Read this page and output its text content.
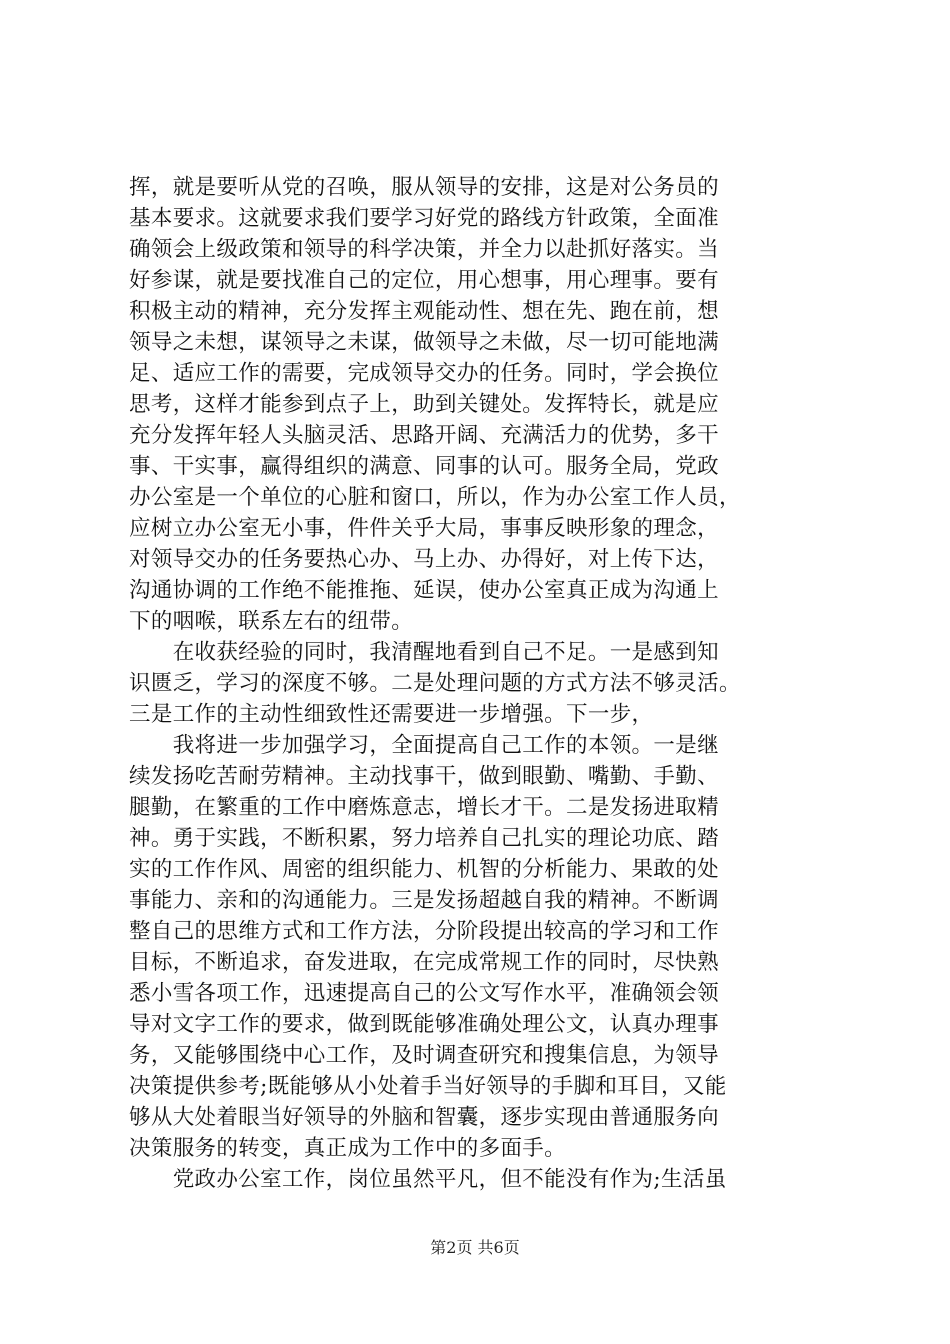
挥，就是要听从党的召唤，服从领导的安排，这是对公务员的
基本要求。这就要求我们要学习好党的路线方针政策，全面准
确领会上级政策和领导的科学决策，并全力以赴抓好落实。当
好参谋，就是要找准自己的定位，用心想事，用心理事。要有
积极主动的精神，充分发挥主观能动性、想在先、跑在前，想
领导之未想，谋领导之未谋，做领导之未做，尽一切可能地满
足、适应工作的需要，完成领导交办的任务。同时，学会换位
思考，这样才能参到点子上，助到关键处。发挥特长，就是应
充分发挥年轻人头脑灵活、思路开阔、充满活力的优势，多干
事、干实事，赢得组织的满意、同事的认可。服务全局，党政
办公室是一个单位的心脏和窗口，所以，作为办公室工作人员，
应树立办公室无小事，件件关乎大局，事事反映形象的理念，
对领导交办的任务要热心办、马上办、办得好，对上传下达，
沟通协调的工作绝不能推拖、延误，使办公室真正成为沟通上
下的咽喉，联系左右的纽带。
　　在收获经验的同时，我清醒地看到自己不足。一是感到知
识匮乏，学习的深度不够。二是处理问题的方式方法不够灵活。
三是工作的主动性细致性还需要进一步增强。下一步，
　　我将进一步加强学习，全面提高自己工作的本领。一是继
续发扬吃苦耐劳精神。主动找事干，做到眼勤、嘴勤、手勤、
腿勤，在繁重的工作中磨炼意志，增长才干。二是发扬进取精
神。勇于实践，不断积累，努力培养自己扎实的理论功底、踏
实的工作作风、周密的组织能力、机智的分析能力、果敢的处
事能力、亲和的沟通能力。三是发扬超越自我的精神。不断调
整自己的思维方式和工作方法，分阶段提出较高的学习和工作
目标，不断追求，奋发进取，在完成常规工作的同时，尽快熟
悉小雪各项工作，迅速提高自己的公文写作水平，准确领会领
导对文字工作的要求，做到既能够准确处理公文，认真办理事
务，又能够围绕中心工作，及时调查研究和搜集信息，为领导
决策提供参考;既能够从小处着手当好领导的手脚和耳目，又能
够从大处着眼当好领导的外脑和智囊，逐步实现由普通服务向
决策服务的转变，真正成为工作中的多面手。
　　党政办公室工作，岗位虽然平凡，但不能没有作为;生活虽
第2页 共6页
